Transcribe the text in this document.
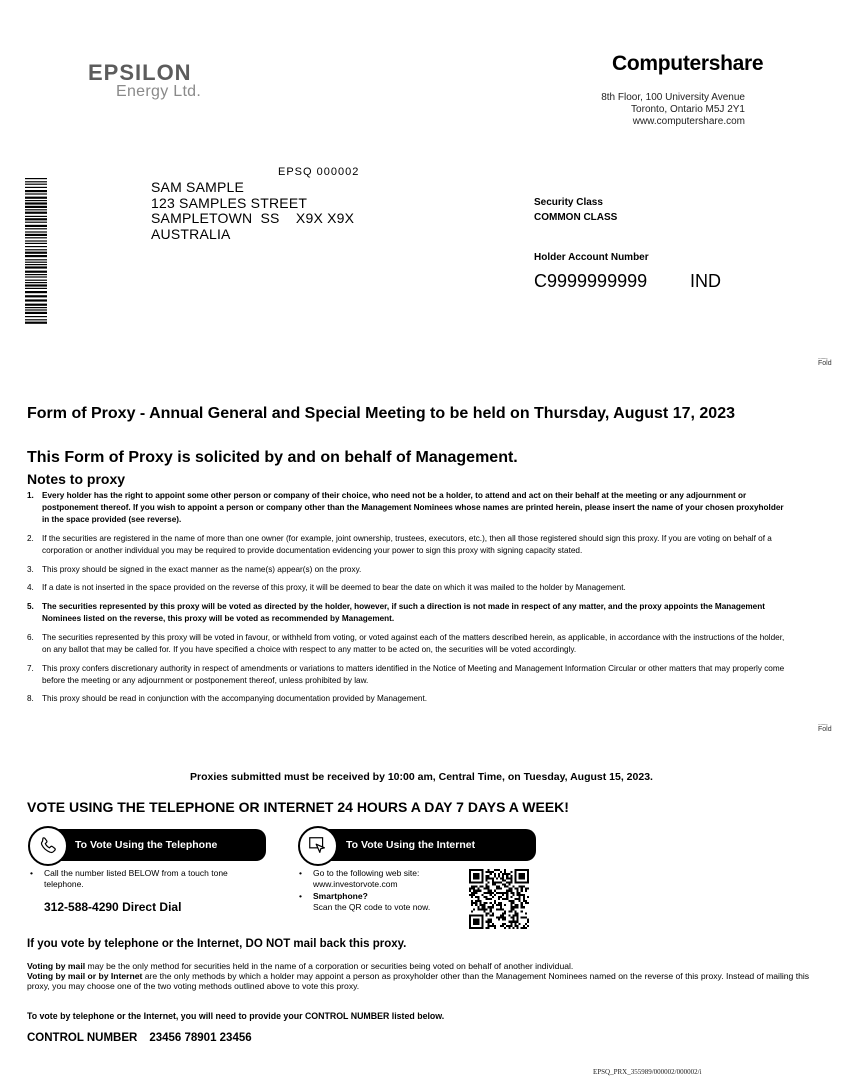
EPSILON
Energy Ltd.
Computershare
8th Floor, 100 University Avenue
Toronto, Ontario M5J 2Y1
www.computershare.com
EPSQ 000002
SAM SAMPLE
123 SAMPLES STREET
SAMPLETOWN  SS    X9X X9X
AUSTRALIA
Security Class
COMMON CLASS
Holder Account Number
C9999999999 IND
........ Fold
........ Fold
Form of Proxy - Annual General and Special Meeting to be held on Thursday, August 17, 2023
This Form of Proxy is solicited by and on behalf of Management.
Notes to proxy
1. Every holder has the right to appoint some other person or company of their choice, who need not be a holder, to attend and act on their behalf at the meeting or any adjournment or postponement thereof. If you wish to appoint a person or company other than the Management Nominees whose names are printed herein, please insert the name of your chosen proxyholder in the space provided (see reverse).
2. If the securities are registered in the name of more than one owner (for example, joint ownership, trustees, executors, etc.), then all those registered should sign this proxy. If you are voting on behalf of a corporation or another individual you may be required to provide documentation evidencing your power to sign this proxy with signing capacity stated.
3. This proxy should be signed in the exact manner as the name(s) appear(s) on the proxy.
4. If a date is not inserted in the space provided on the reverse of this proxy, it will be deemed to bear the date on which it was mailed to the holder by Management.
5. The securities represented by this proxy will be voted as directed by the holder, however, if such a direction is not made in respect of any matter, and the proxy appoints the Management Nominees listed on the reverse, this proxy will be voted as recommended by Management.
6. The securities represented by this proxy will be voted in favour, or withheld from voting, or voted against each of the matters described herein, as applicable, in accordance with the instructions of the holder, on any ballot that may be called for. If you have specified a choice with respect to any matter to be acted on, the securities will be voted accordingly.
7. This proxy confers discretionary authority in respect of amendments or variations to matters identified in the Notice of Meeting and Management Information Circular or other matters that may properly come before the meeting or any adjournment or postponement thereof, unless prohibited by law.
8. This proxy should be read in conjunction with the accompanying documentation provided by Management.
Proxies submitted must be received by 10:00 am, Central Time, on Tuesday, August 15, 2023.
VOTE USING THE TELEPHONE OR INTERNET 24 HOURS A DAY 7 DAYS A WEEK!
To Vote Using the Telephone
•	Call the number listed BELOW from a touch tone telephone.
312-588-4290 Direct Dial
To Vote Using the Internet
•	Go to the following web site:
www.investorvote.com
•	Smartphone?
Scan the QR code to vote now.
If you vote by telephone or the Internet, DO NOT mail back this proxy.
Voting by mail may be the only method for securities held in the name of a corporation or securities being voted on behalf of another individual.
Voting by mail or by Internet are the only methods by which a holder may appoint a person as proxyholder other than the Management Nominees named on the reverse of this proxy. Instead of mailing this proxy, you may choose one of the two voting methods outlined above to vote this proxy.
To vote by telephone or the Internet, you will need to provide your CONTROL NUMBER listed below.
CONTROL NUMBER 23456 78901 23456
EPSQ_PRX_355989/000002/000002/i
